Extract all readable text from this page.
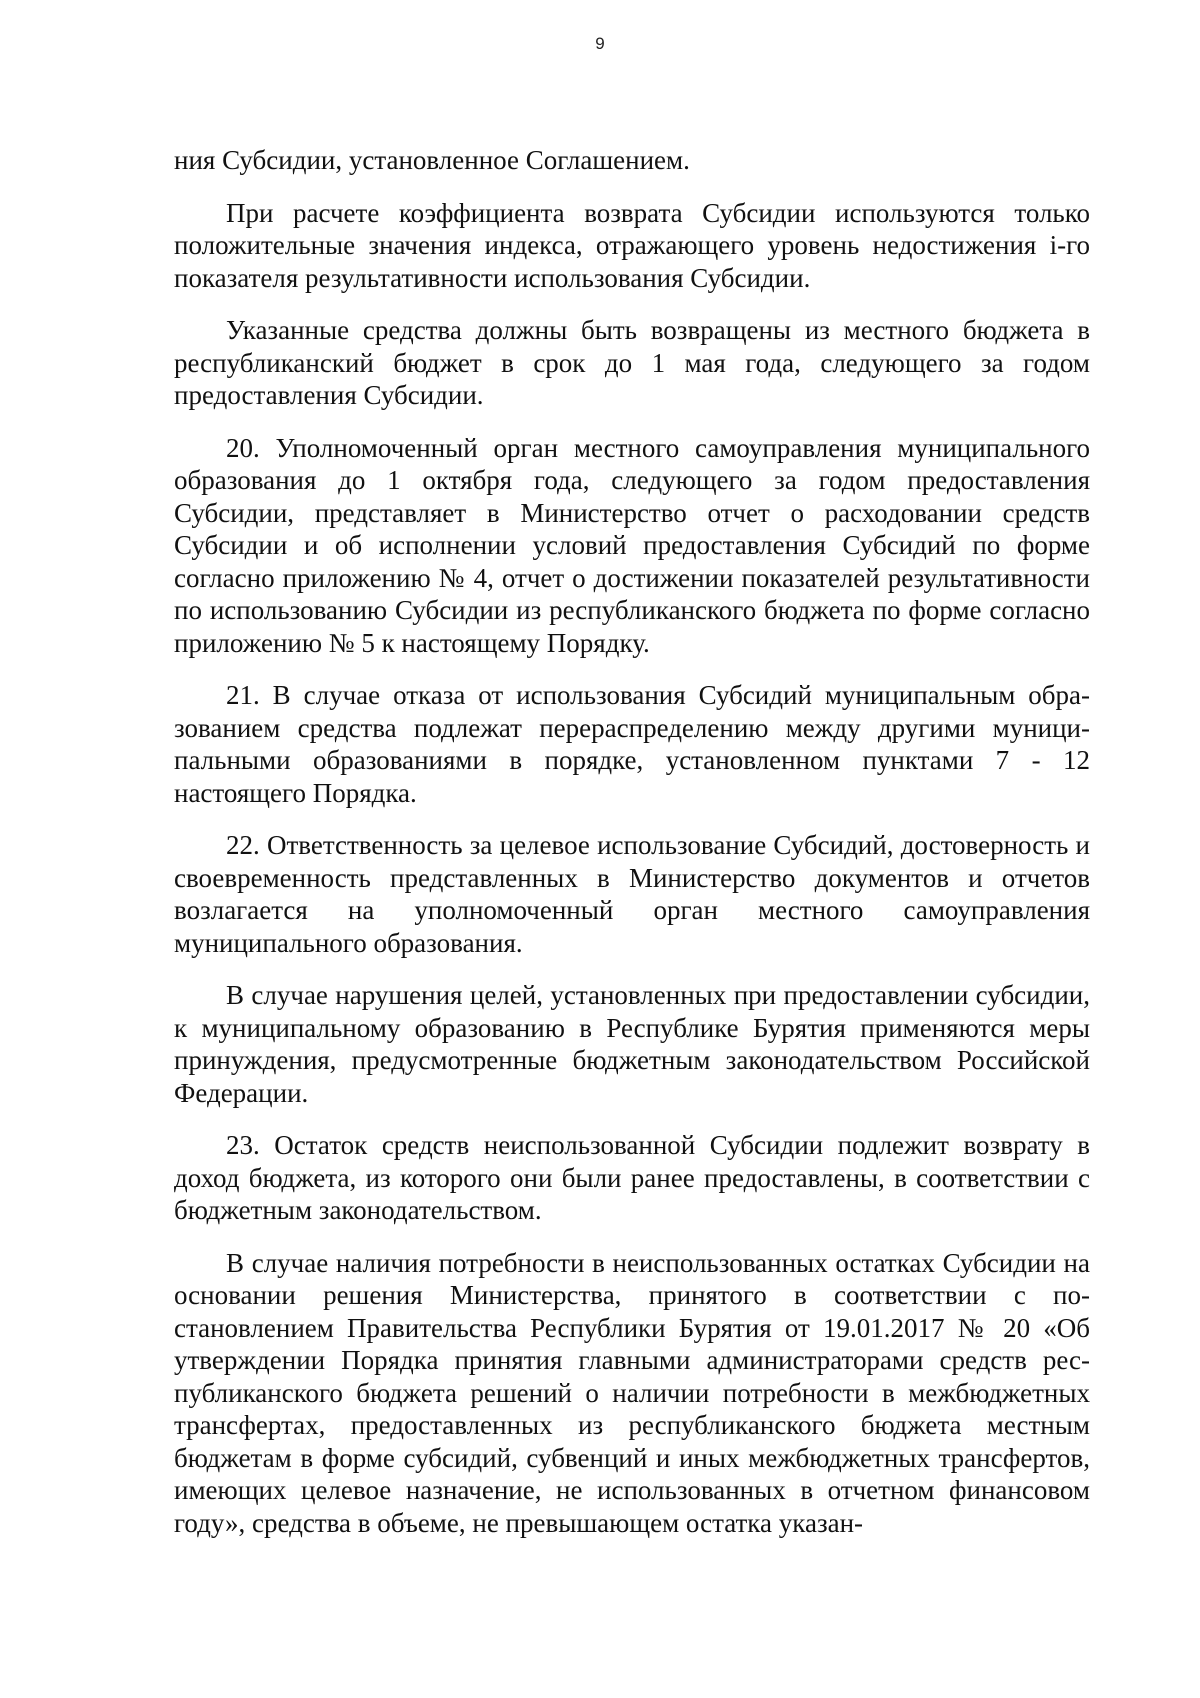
9

ния Субсидии, установленное Соглашением.

При расчете коэффициента возврата Субсидии используются только положительные значения индекса, отражающего уровень недостижения i-го показателя результативности использования Субсидии.

Указанные средства должны быть возвращены из местного бюджета в республиканский бюджет в срок до 1 мая года, следующего за годом предоставления Субсидии.

20. Уполномоченный орган местного самоуправления муниципального образования до 1 октября года, следующего за годом предоставления Субсидии, представляет в Министерство отчет о расходовании средств Субсидии и об исполнении условий предоставления Субсидий по форме согласно приложению № 4, отчет о достижении показателей результативности по использованию Субсидии из республиканского бюджета по форме согласно приложению № 5 к настоящему Порядку.

21. В случае отказа от использования Субсидий муниципальным образованием средства подлежат перераспределению между другими муниципальными образованиями в порядке, установленном пунктами 7 - 12 настоящего Порядка.

22. Ответственность за целевое использование Субсидий, достоверность и своевременность представленных в Министерство документов и отчетов возлагается на уполномоченный орган местного самоуправления муниципального образования.

В случае нарушения целей, установленных при предоставлении субсидии, к муниципальному образованию в Республике Бурятия применяются меры принуждения, предусмотренные бюджетным законодательством Российской Федерации.

23. Остаток средств неиспользованной Субсидии подлежит возврату в доход бюджета, из которого они были ранее предоставлены, в соответствии с бюджетным законодательством.

В случае наличия потребности в неиспользованных остатках Субсидии на основании решения Министерства, принятого в соответствии с постановлением Правительства Республики Бурятия от 19.01.2017 № 20 «Об утверждении Порядка принятия главными администраторами средств республиканского бюджета решений о наличии потребности в межбюджетных трансфертах, предоставленных из республиканского бюджета местным бюджетам в форме субсидий, субвенций и иных межбюджетных трансфертов, имеющих целевое назначение, не использованных в отчетном финансовом году», средства в объеме, не превышающем остатка указан-
